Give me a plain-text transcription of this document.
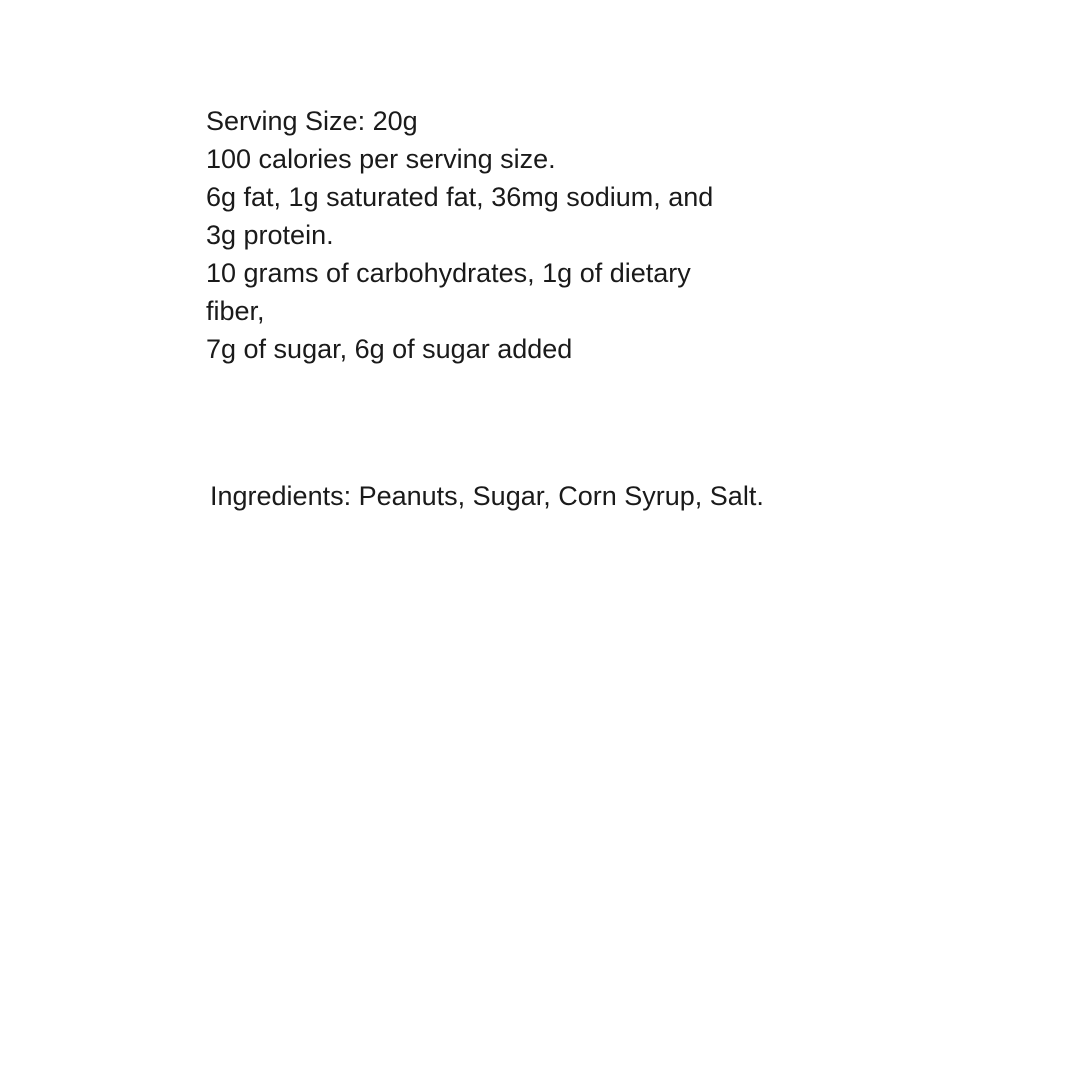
Serving Size: 20g
100 calories per serving size.
6g fat, 1g saturated fat, 36mg sodium, and
3g protein.
10 grams of carbohydrates, 1g of dietary
fiber,
7g of sugar, 6g of sugar added
Ingredients: Peanuts, Sugar, Corn Syrup, Salt.
